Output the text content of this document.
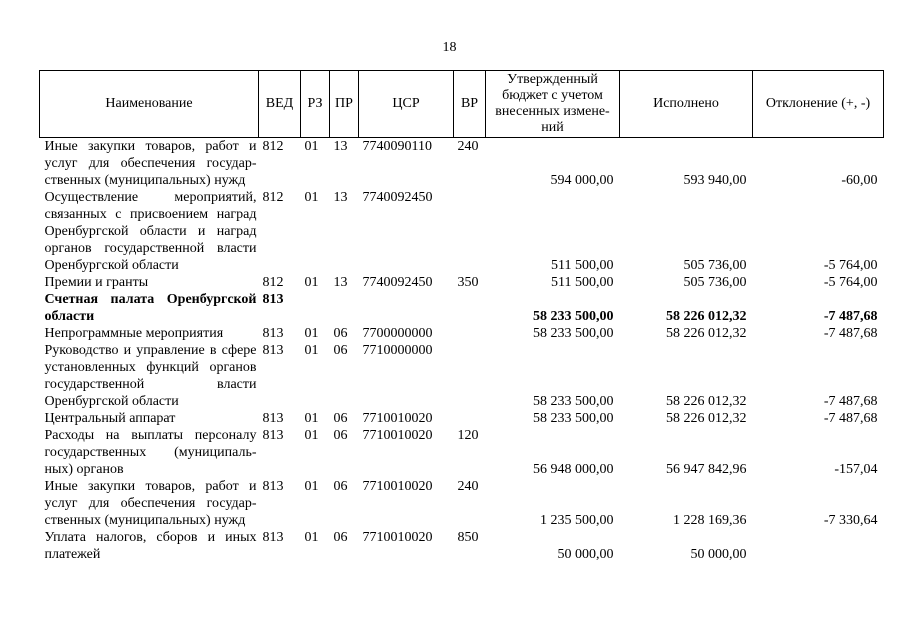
18
Наименование	ВЕД	РЗ	ПР	ЦСР	ВР	Утвержденный бюджет с учетом внесенных измене-ний	Исполнено	Отклонение (+, -)
Иные закупки товаров, работ и услуг для обеспечения государ-ственных (муниципальных) нужд	812	01	13	7740090110	240	594 000,00	593 940,00	-60,00
Осуществление мероприятий, связанных с присвоением наград Оренбургской области и наград органов государственной власти Оренбургской области	812	01	13	7740092450		511 500,00	505 736,00	-5 764,00
Премии и гранты	812	01	13	7740092450	350	511 500,00	505 736,00	-5 764,00
Счетная палата Оренбургской области	813					58 233 500,00	58 226 012,32	-7 487,68
Непрограммные мероприятия	813	01	06	7700000000		58 233 500,00	58 226 012,32	-7 487,68
Руководство и управление в сфере установленных функций органов государственной власти Оренбургской области	813	01	06	7710000000		58 233 500,00	58 226 012,32	-7 487,68
Центральный аппарат	813	01	06	7710010020		58 233 500,00	58 226 012,32	-7 487,68
Расходы на выплаты персоналу государственных (муниципаль-ных) органов	813	01	06	7710010020	120	56 948 000,00	56 947 842,96	-157,04
Иные закупки товаров, работ и услуг для обеспечения государ-ственных (муниципальных) нужд	813	01	06	7710010020	240	1 235 500,00	1 228 169,36	-7 330,64
Уплата налогов, сборов и иных платежей	813	01	06	7710010020	850	50 000,00	50 000,00	
